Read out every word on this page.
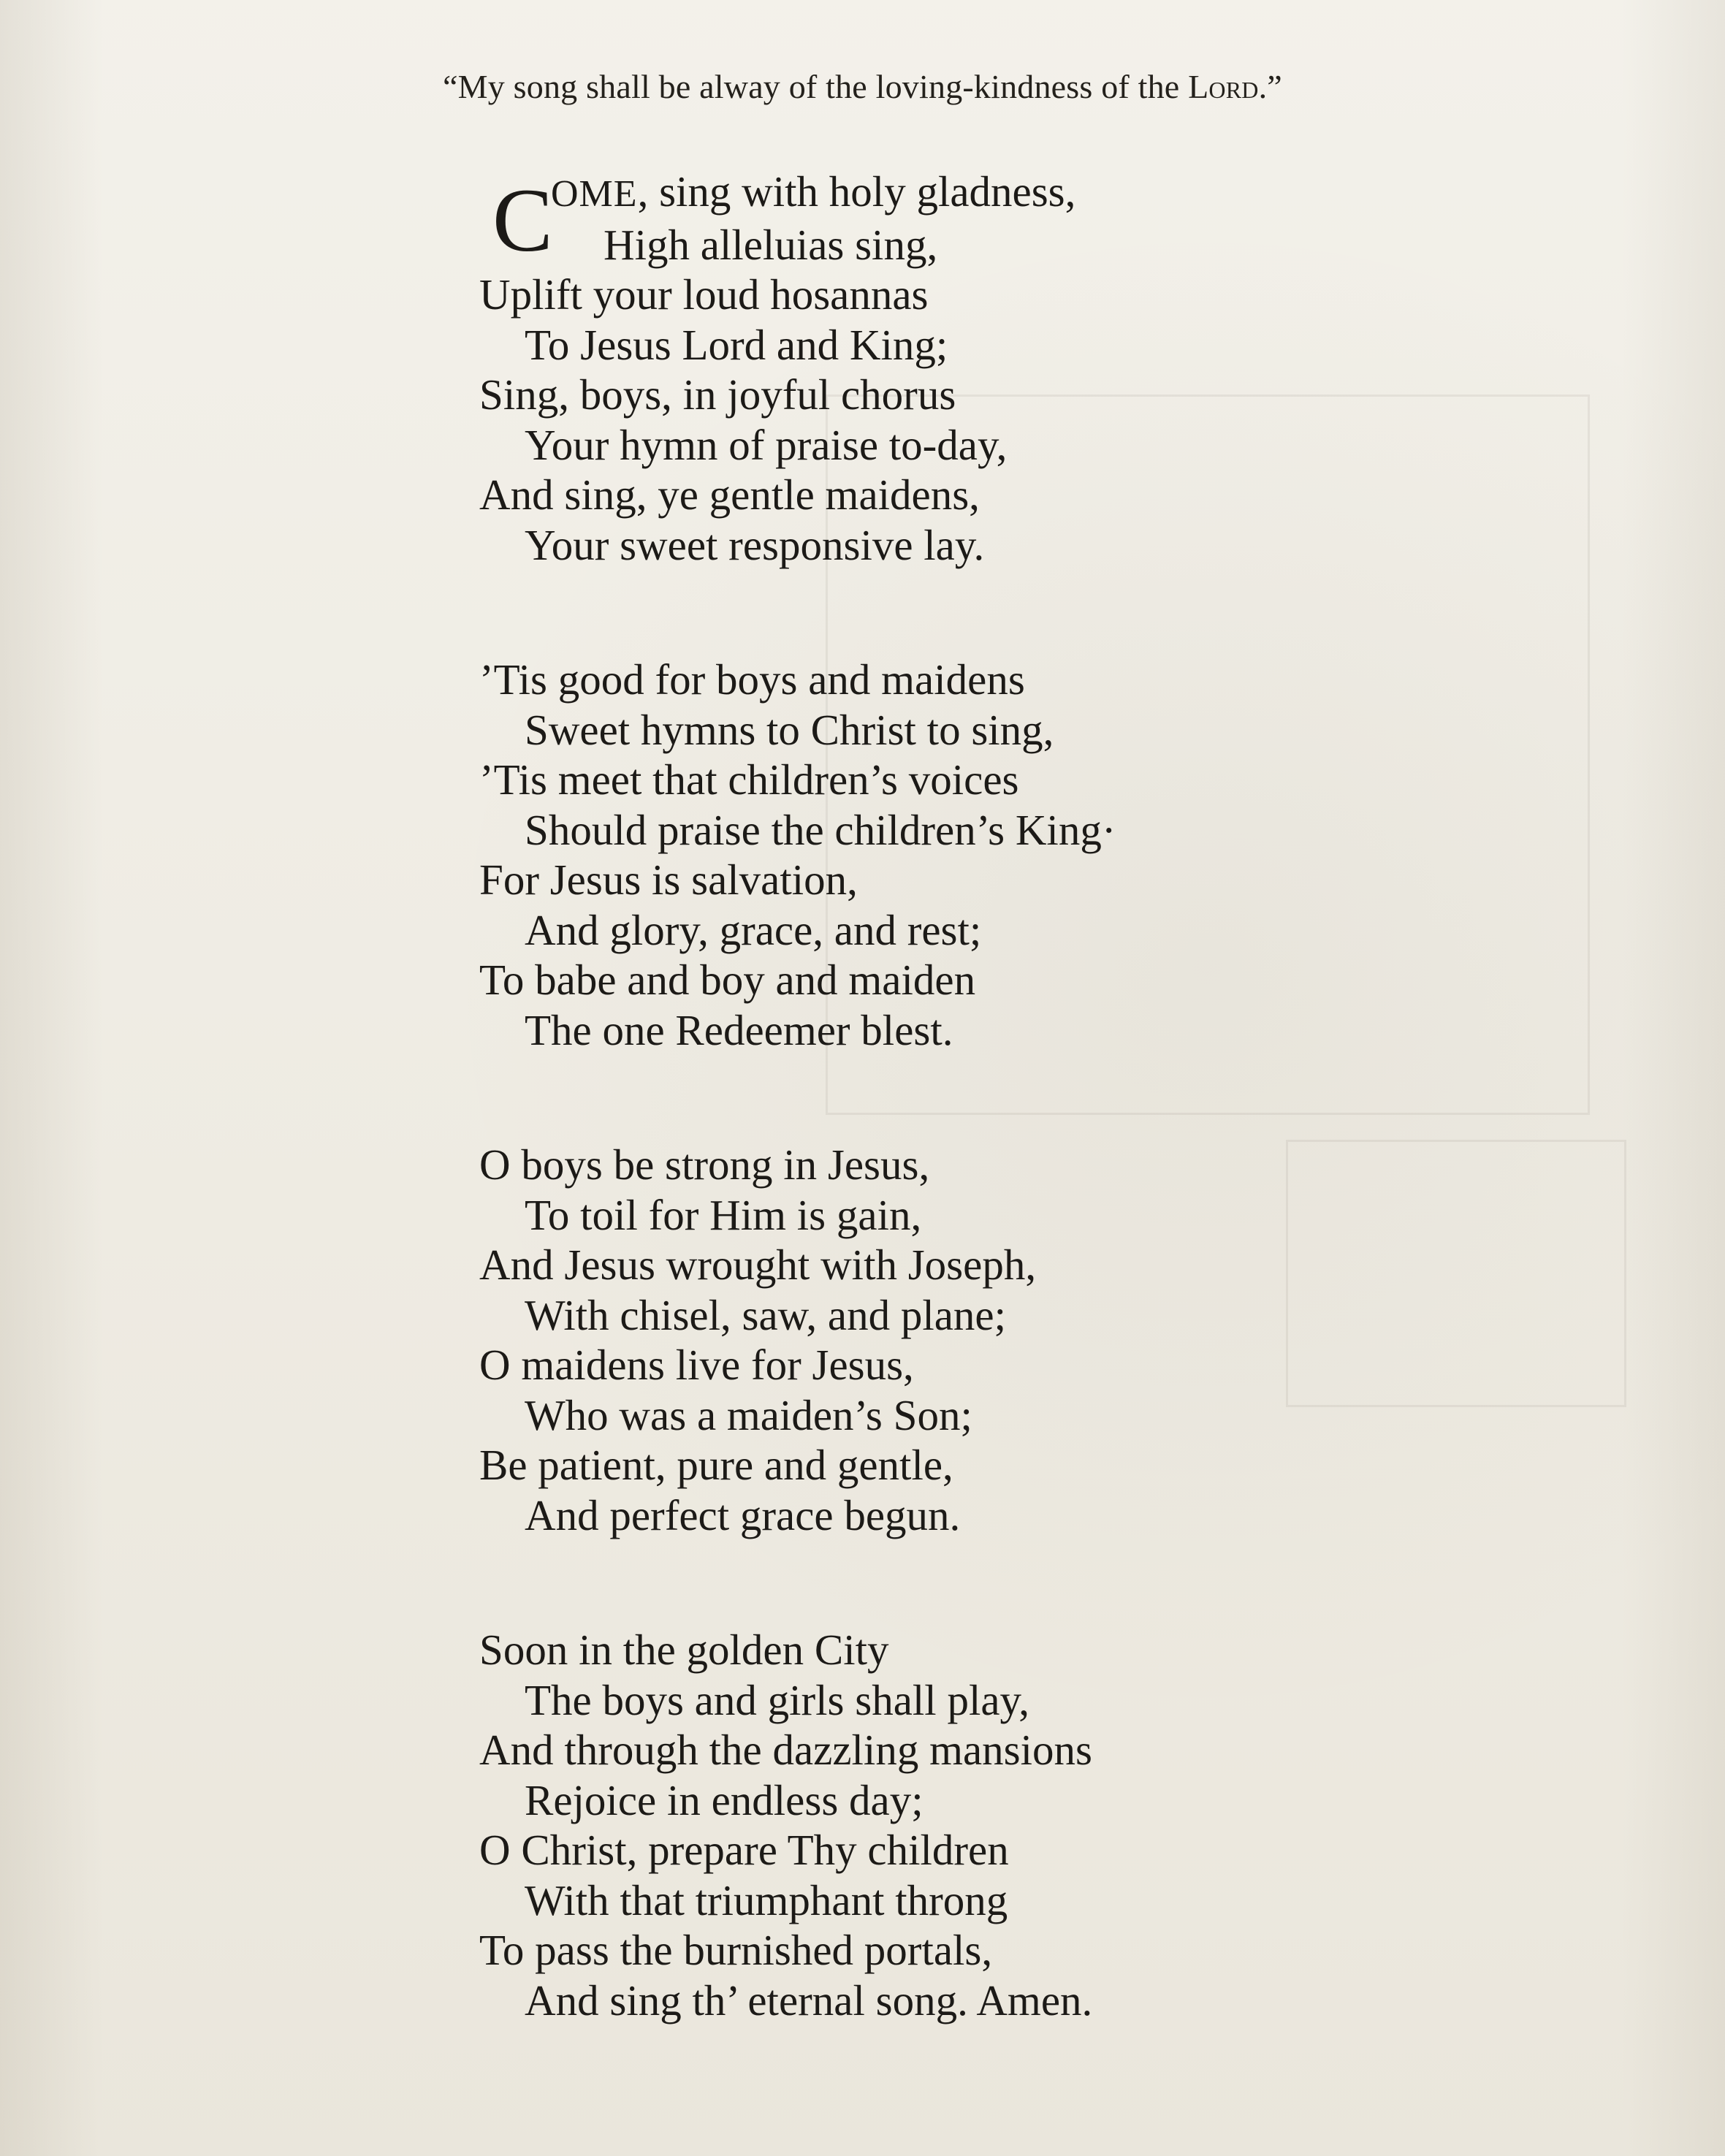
“My song shall be alway of the loving-kindness of the Lord.”
C
OME, sing with holy gladness,
High alleluias sing,
Uplift your loud hosannas
To Jesus Lord and King;
Sing, boys, in joyful chorus
Your hymn of praise to-day,
And sing, ye gentle maidens,
Your sweet responsive lay.
’Tis good for boys and maidens
Sweet hymns to Christ to sing,
’Tis meet that children’s voices
Should praise the children’s King·
For Jesus is salvation,
And glory, grace, and rest;
To babe and boy and maiden
The one Redeemer blest.
O boys be strong in Jesus,
To toil for Him is gain,
And Jesus wrought with Joseph,
With chisel, saw, and plane;
O maidens live for Jesus,
Who was a maiden’s Son;
Be patient, pure and gentle,
And perfect grace begun.
Soon in the golden City
The boys and girls shall play,
And through the dazzling mansions
Rejoice in endless day;
O Christ, prepare Thy children
With that triumphant throng
To pass the burnished portals,
And sing th’ eternal song. Amen.
